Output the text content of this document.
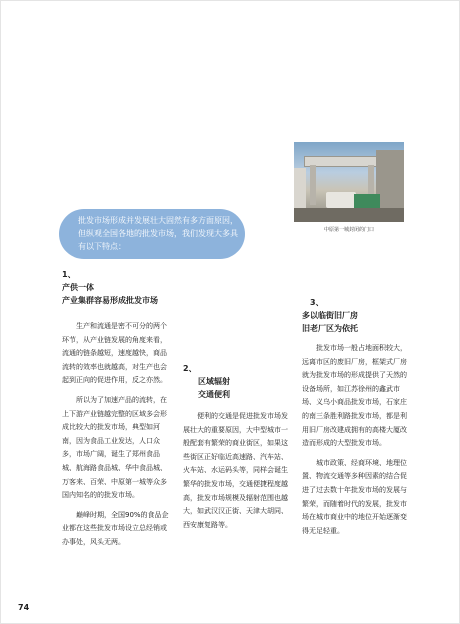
中原第一城封闭的门口

批发市场形成并发展壮大固然有多方面原因，但纵观全国各地的批发市场，我们发现大多具有以下特点：

1、
产供一体
产业集群容易形成批发市场

生产和流通是密不可分的两个环节，从产业链发展的角度来看，流通的链条越短，速度越快，商品流转的效率也就越高，对生产也会起到正向的促进作用，反之亦然。

所以为了加速产品的流转，在上下游产业链越完整的区域多会形成比较大的批发市场，典型如河南，因为食品工业发达，人口众多，市场广阔，诞生了郑州食品城、航海路食品城、华中食品城、万客来、百荣、中原第一城等众多国内知名的的批发市场。

巅峰时期，全国90%的食品企业都在这些批发市场设立总经销或办事处，风头无两。

2、
区域辐射
交通便利

便利的交通是促进批发市场发展壮大的重要原因，大中型城市一般配套有繁荣的商业街区，如果这些街区正好临近高速路、汽车站、火车站、水运码头等，同样会诞生繁华的批发市场，交通便捷程度越高，批发市场规模及辐射范围也越大，如武汉汉正街、天津大胡同、西安康复路等。

3、
多以临街旧厂房
旧老厂区为依托

批发市场一般占地面积较大，远离市区的废旧厂房，框架式厂房就为批发市场的形成提供了天然的设备场所，如江苏徐州的鑫武市场、义乌小商品批发市场，石家庄的南三条胜利路批发市场，都是利用旧厂房改建成拥有的高楼大厦改造而形成的大型批发市场。

城市政策、经商环境、地理位置、物流交通等多种因素的结合促进了过去数十年批发市场的发展与繁荣，而随着时代的发展，批发市场在城市商业中的地位开始逐渐变得无足轻重。

74
